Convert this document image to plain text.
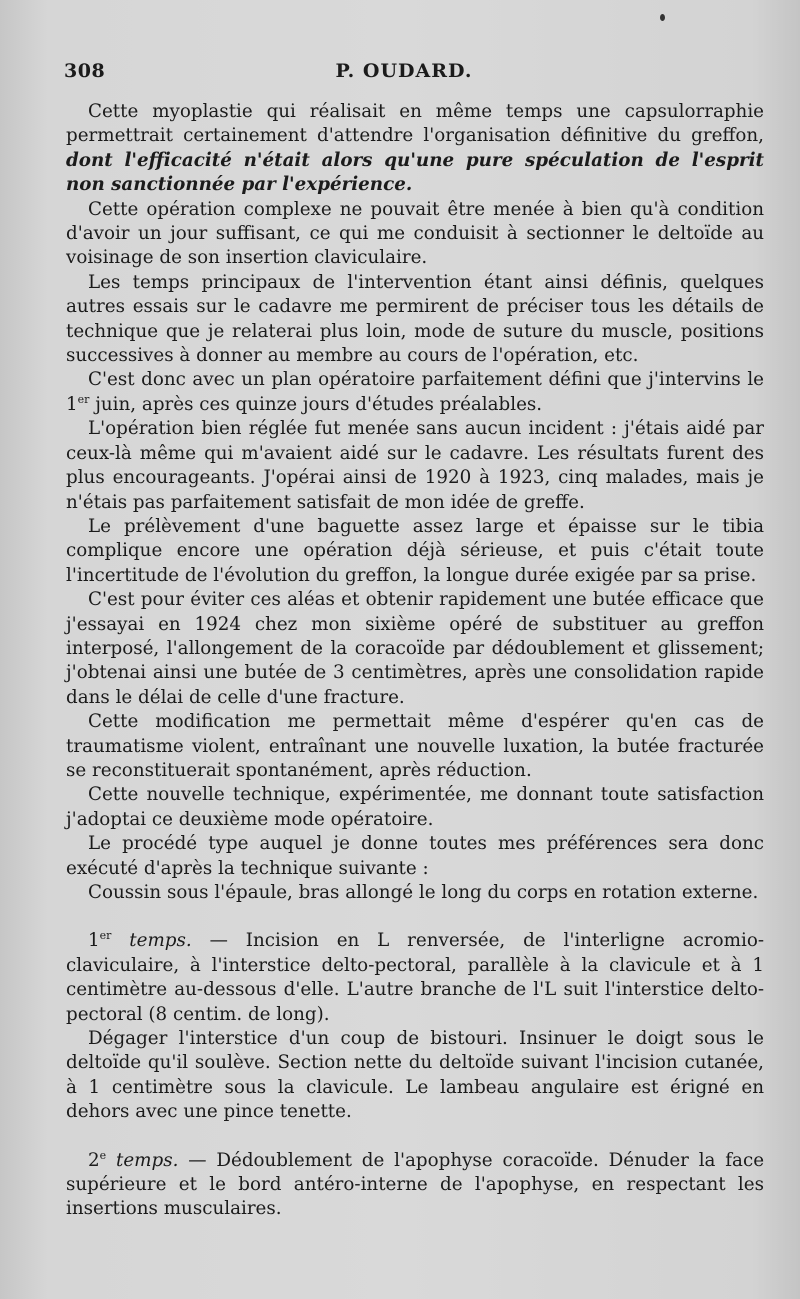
308	P. OUDARD.

Cette myoplastie qui réalisait en même temps une capsulorraphie permettrait certainement d'attendre l'organisation définitive du greffon, dont l'efficacité n'était alors qu'une pure spéculation de l'esprit non sanctionnée par l'expérience.

Cette opération complexe ne pouvait être menée à bien qu'à condition d'avoir un jour suffisant, ce qui me conduisit à sectionner le deltoïde au voisinage de son insertion claviculaire.

Les temps principaux de l'intervention étant ainsi définis, quelques autres essais sur le cadavre me permirent de préciser tous les détails de technique que je relaterai plus loin, mode de suture du muscle, positions successives à donner au membre au cours de l'opération, etc.

C'est donc avec un plan opératoire parfaitement défini que j'intervins le 1er juin, après ces quinze jours d'études préalables.

L'opération bien réglée fut menée sans aucun incident : j'étais aidé par ceux-là même qui m'avaient aidé sur le cadavre. Les résultats furent des plus encourageants. J'opérai ainsi de 1920 à 1923, cinq malades, mais je n'étais pas parfaitement satisfait de mon idée de greffe.

Le prélèvement d'une baguette assez large et épaisse sur le tibia complique encore une opération déjà sérieuse, et puis c'était toute l'incertitude de l'évolution du greffon, la longue durée exigée par sa prise.

C'est pour éviter ces aléas et obtenir rapidement une butée efficace que j'essayai en 1924 chez mon sixième opéré de substituer au greffon interposé, l'allongement de la coracoïde par dédoublement et glissement; j'obtenai ainsi une butée de 3 centimètres, après une consolidation rapide dans le délai de celle d'une fracture.

Cette modification me permettait même d'espérer qu'en cas de traumatisme violent, entraînant une nouvelle luxation, la butée fracturée se reconstituerait spontanément, après réduction.

Cette nouvelle technique, expérimentée, me donnant toute satisfaction j'adoptai ce deuxième mode opératoire.

Le procédé type auquel je donne toutes mes préférences sera donc exécuté d'après la technique suivante :

Coussin sous l'épaule, bras allongé le long du corps en rotation externe.

1er temps. — Incision en L renversée, de l'interligne acromio-claviculaire, à l'interstice delto-pectoral, parallèle à la clavicule et à 1 centimètre au-dessous d'elle. L'autre branche de l'L suit l'interstice delto-pectoral (8 centim. de long).

Dégager l'interstice d'un coup de bistouri. Insinuer le doigt sous le deltoïde qu'il soulève. Section nette du deltoïde suivant l'incision cutanée, à 1 centimètre sous la clavicule. Le lambeau angulaire est érigné en dehors avec une pince tenette.

2e temps. — Dédoublement de l'apophyse coracoïde. Dénuder la face supérieure et le bord antéro-interne de l'apophyse, en respectant les insertions musculaires.
